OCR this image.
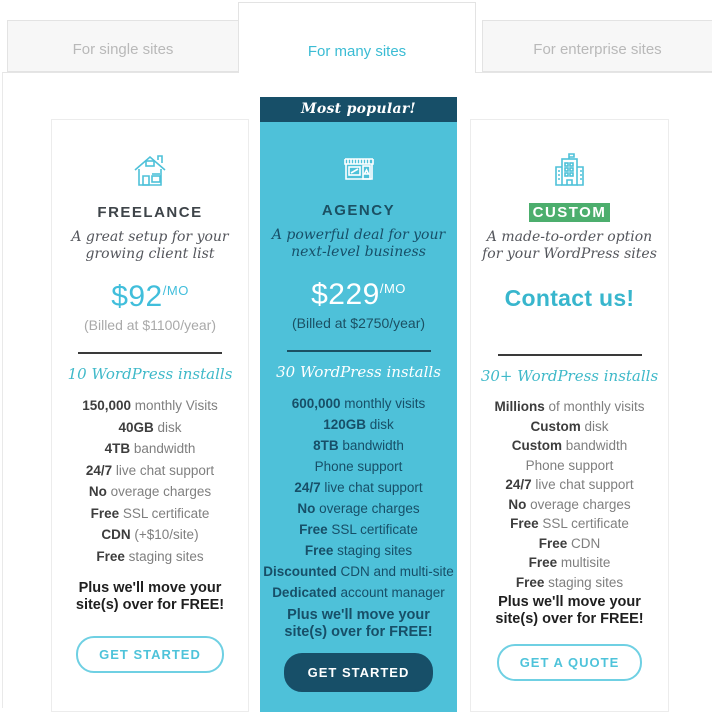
For single sites	For many sites	For enterprise sites
FREELANCE
A great setup for your growing client list
$\$92^{/MO}$
(Billed at $1100/year)
10 WordPress installs
150,000 monthly Visits
40GB disk
4TB bandwidth
24/7 live chat support
No overage charges
Free SSL certificate
CDN (+$10/site)
Free staging sites
Plus we'll move your site(s) over for FREE!
GET STARTED
Most popular!
AGENCY
A powerful deal for your next-level business
$\$229^{/MO}$
(Billed at $2750/year)
30 WordPress installs
600,000 monthly visits
120GB disk
8TB bandwidth
Phone support
24/7 live chat support
No overage charges
Free SSL certificate
Free staging sites
Discounted CDN and multi-site
Dedicated account manager
Plus we'll move your site(s) over for FREE!
GET STARTED
CUSTOM
A made-to-order option for your WordPress sites
Contact us!
30+ WordPress installs
Millions of monthly visits
Custom disk
Custom bandwidth
Phone support
24/7 live chat support
No overage charges
Free SSL certificate
Free CDN
Free multisite
Free staging sites
Plus we'll move your site(s) over for FREE!
GET A QUOTE
